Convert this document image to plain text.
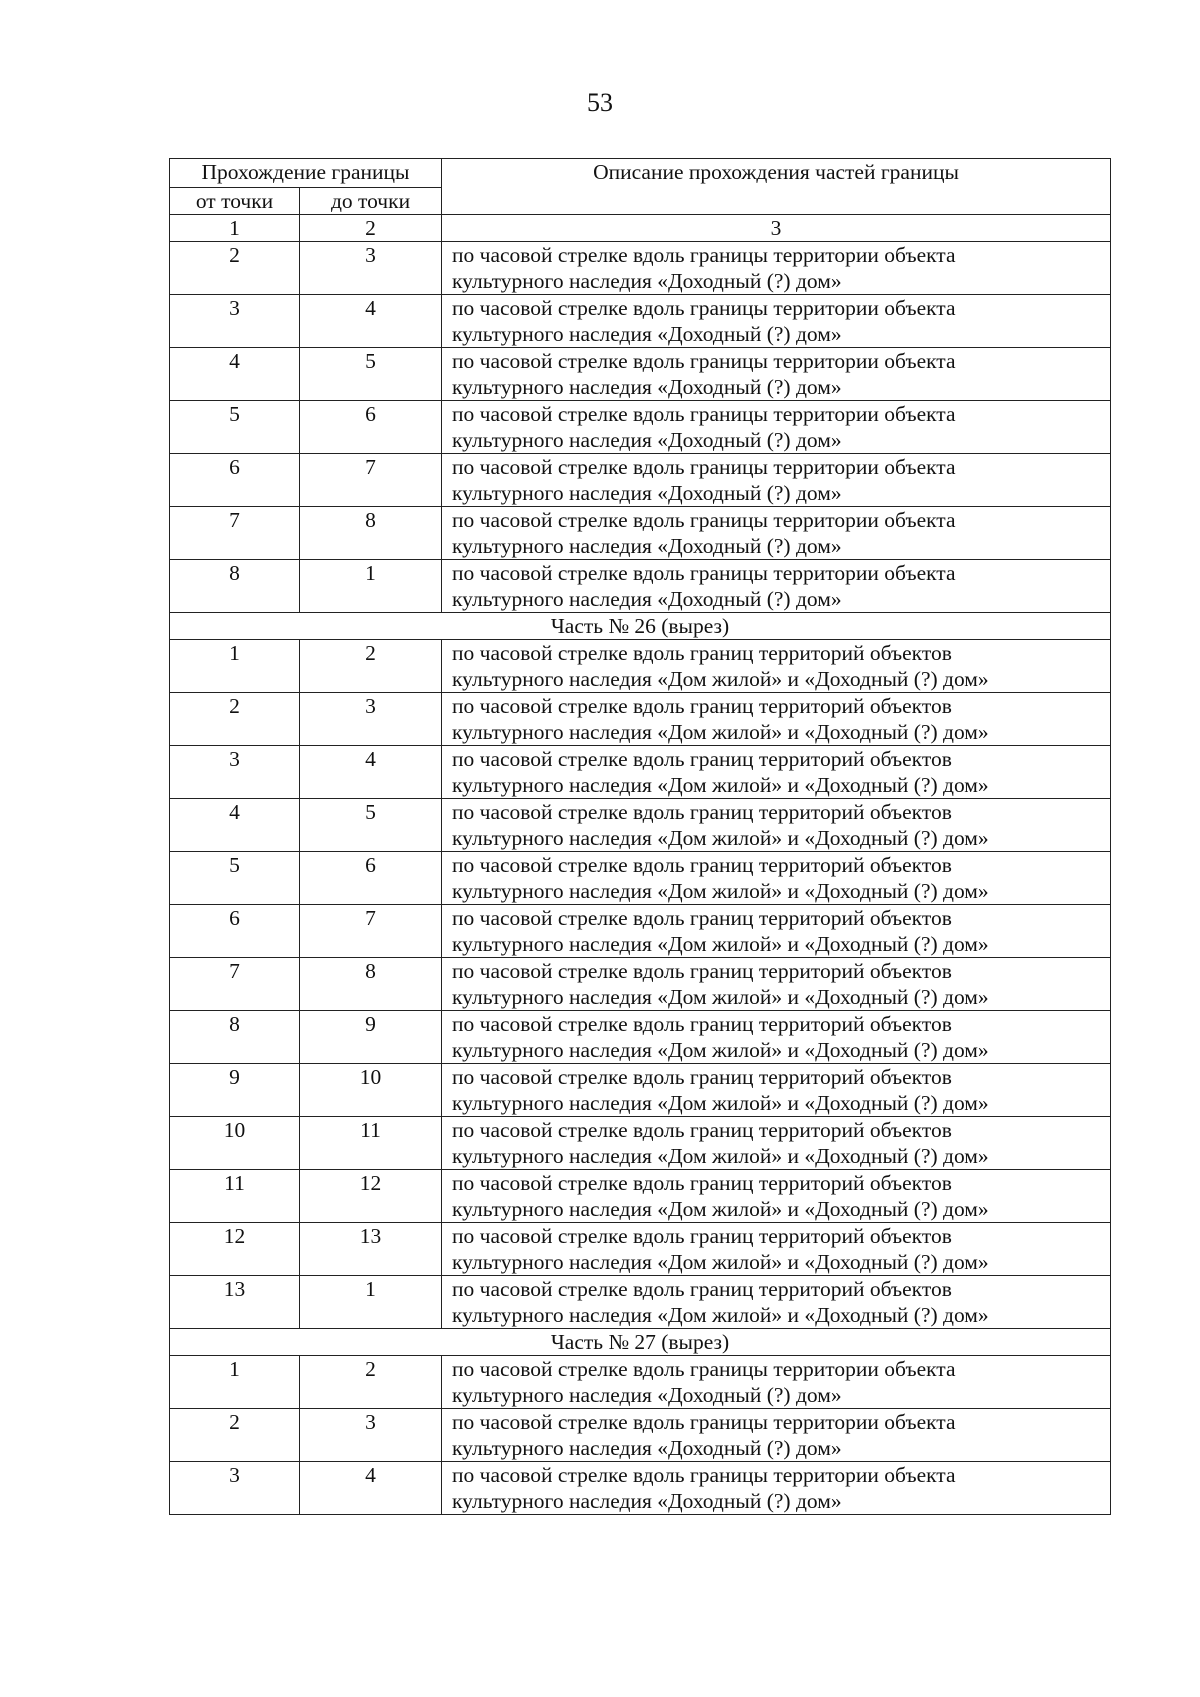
53
Прохождение границы		Описание прохождения частей границы
от точки	до точки	
1	2	3
2	3	по часовой стрелке вдоль границы территории объекта
культурного наследия «Доходный (?) дом»

3	4	по часовой стрелке вдоль границы территории объекта
культурного наследия «Доходный (?) дом»

4	5	по часовой стрелке вдоль границы территории объекта
культурного наследия «Доходный (?) дом»

5	6	по часовой стрелке вдоль границы территории объекта
культурного наследия «Доходный (?) дом»

6	7	по часовой стрелке вдоль границы территории объекта
культурного наследия «Доходный (?) дом»

7	8	по часовой стрелке вдоль границы территории объекта
культурного наследия «Доходный (?) дом»

8	1	по часовой стрелке вдоль границы территории объекта
культурного наследия «Доходный (?) дом»

Часть № 26 (вырез)		
1	2	по часовой стрелке вдоль границ территорий объектов
культурного наследия «Дом жилой» и «Доходный (?) дом»

2	3	по часовой стрелке вдоль границ территорий объектов
культурного наследия «Дом жилой» и «Доходный (?) дом»

3	4	по часовой стрелке вдоль границ территорий объектов
культурного наследия «Дом жилой» и «Доходный (?) дом»

4	5	по часовой стрелке вдоль границ территорий объектов
культурного наследия «Дом жилой» и «Доходный (?) дом»

5	6	по часовой стрелке вдоль границ территорий объектов
культурного наследия «Дом жилой» и «Доходный (?) дом»

6	7	по часовой стрелке вдоль границ территорий объектов
культурного наследия «Дом жилой» и «Доходный (?) дом»

7	8	по часовой стрелке вдоль границ территорий объектов
культурного наследия «Дом жилой» и «Доходный (?) дом»

8	9	по часовой стрелке вдоль границ территорий объектов
культурного наследия «Дом жилой» и «Доходный (?) дом»

9	10	по часовой стрелке вдоль границ территорий объектов
культурного наследия «Дом жилой» и «Доходный (?) дом»

10	11	по часовой стрелке вдоль границ территорий объектов
культурного наследия «Дом жилой» и «Доходный (?) дом»

11	12	по часовой стрелке вдоль границ территорий объектов
культурного наследия «Дом жилой» и «Доходный (?) дом»

12	13	по часовой стрелке вдоль границ территорий объектов
культурного наследия «Дом жилой» и «Доходный (?) дом»

13	1	по часовой стрелке вдоль границ территорий объектов
культурного наследия «Дом жилой» и «Доходный (?) дом»

Часть № 27 (вырез)		
1	2	по часовой стрелке вдоль границы территории объекта
культурного наследия «Доходный (?) дом»

2	3	по часовой стрелке вдоль границы территории объекта
культурного наследия «Доходный (?) дом»

3	4	по часовой стрелке вдоль границы территории объекта
культурного наследия «Доходный (?) дом»
